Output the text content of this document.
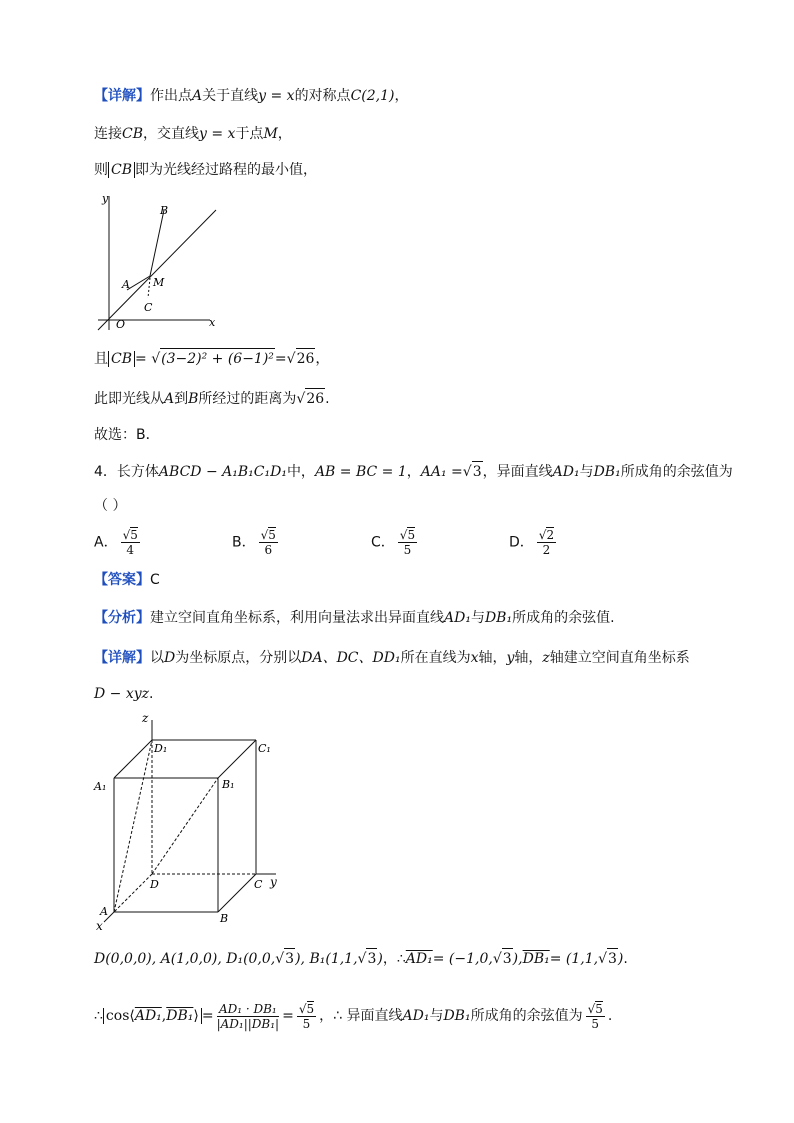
【详解】作出点A关于直线y = x的对称点C(2,1)，
连接CB，交直线y = x于点M，
则 CB 即为光线经过路程的最小值，
y
x
O
A
B
M
C
且 CB = √(3−2)² + (6−1)²=√26，
此即光线从A到B所经过的距离为√26.
故选：B．
4．长方体ABCD − A₁B₁C₁D₁中，AB = BC = 1，AA₁ =√3，异面直线AD₁与DB₁所成角的余弦值为
（ ）
A． $\frac{√5}{4}$	B． $\frac{√5}{6}$	C． $\frac{√5}{5}$	D． $\frac{√2}{2}$
【答案】C
【分析】建立空间直角坐标系，利用向量法求出异面直线AD₁与DB₁所成角的余弦值.
【详解】以D为坐标原点，分别以DA、DC、DD₁所在直线为x轴，y轴，z轴建立空间直角坐标系
D − xyz.
z
y
x
D₁	C₁
A₁	B₁
D	C
A
B
D(0,0,0), A(1,0,0), D₁(0,0,√3), B₁(1,1,√3)，∴AD₁= (−1,0,√3),DB₁= (1,1,√3).
∴ cos⟨AD₁,DB₁⟩ = $\frac{\text{AD₁ · DB₁}}{\text{|AD₁||DB₁|}} = \frac{√5}{5}$ ，∴ 异面直线AD₁与DB₁所成角的余弦值为 $\frac{√5}{5}$ .
